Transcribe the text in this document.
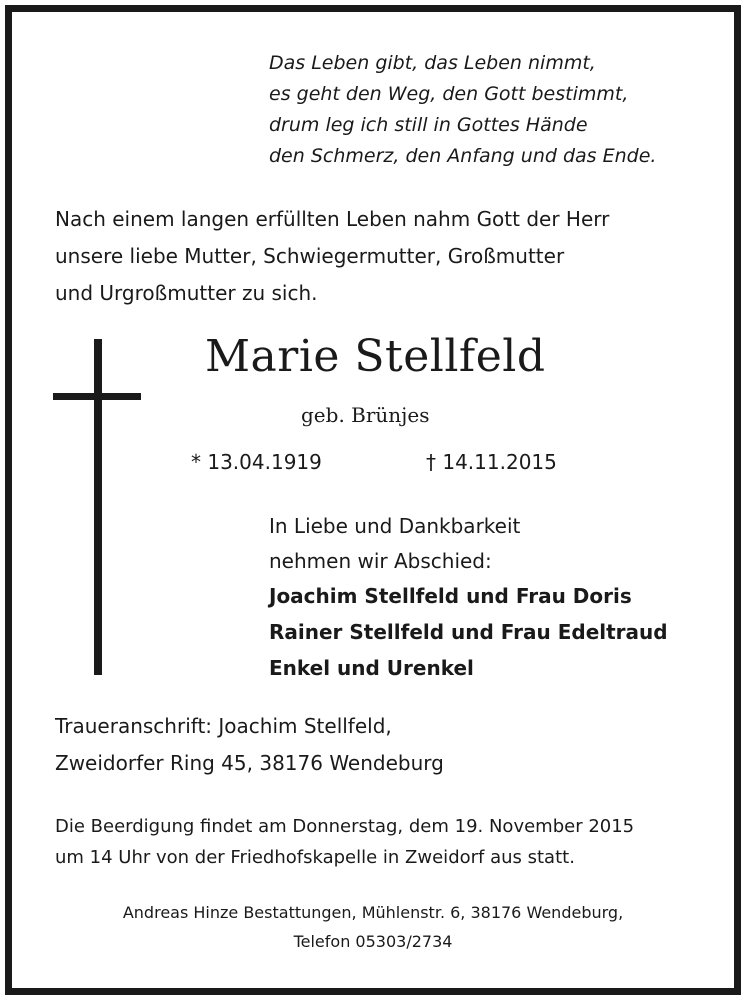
Das Leben gibt, das Leben nimmt,
es geht den Weg, den Gott bestimmt,
drum leg ich still in Gottes Hände
den Schmerz, den Anfang und das Ende.
Nach einem langen erfüllten Leben nahm Gott der Herr
unsere liebe Mutter, Schwiegermutter, Großmutter
und Urgroßmutter zu sich.
Marie Stellfeld
geb. Brünjes
* 13.04.1919	† 14.11.2015
In Liebe und Dankbarkeit
nehmen wir Abschied:
Joachim Stellfeld und Frau Doris
Rainer Stellfeld und Frau Edeltraud
Enkel und Urenkel
Traueranschrift: Joachim Stellfeld,
Zweidorfer Ring 45, 38176 Wendeburg
Die Beerdigung findet am Donnerstag, dem 19. November 2015
um 14 Uhr von der Friedhofskapelle in Zweidorf aus statt.
Andreas Hinze Bestattungen, Mühlenstr. 6, 38176 Wendeburg,
Telefon 05303/2734
